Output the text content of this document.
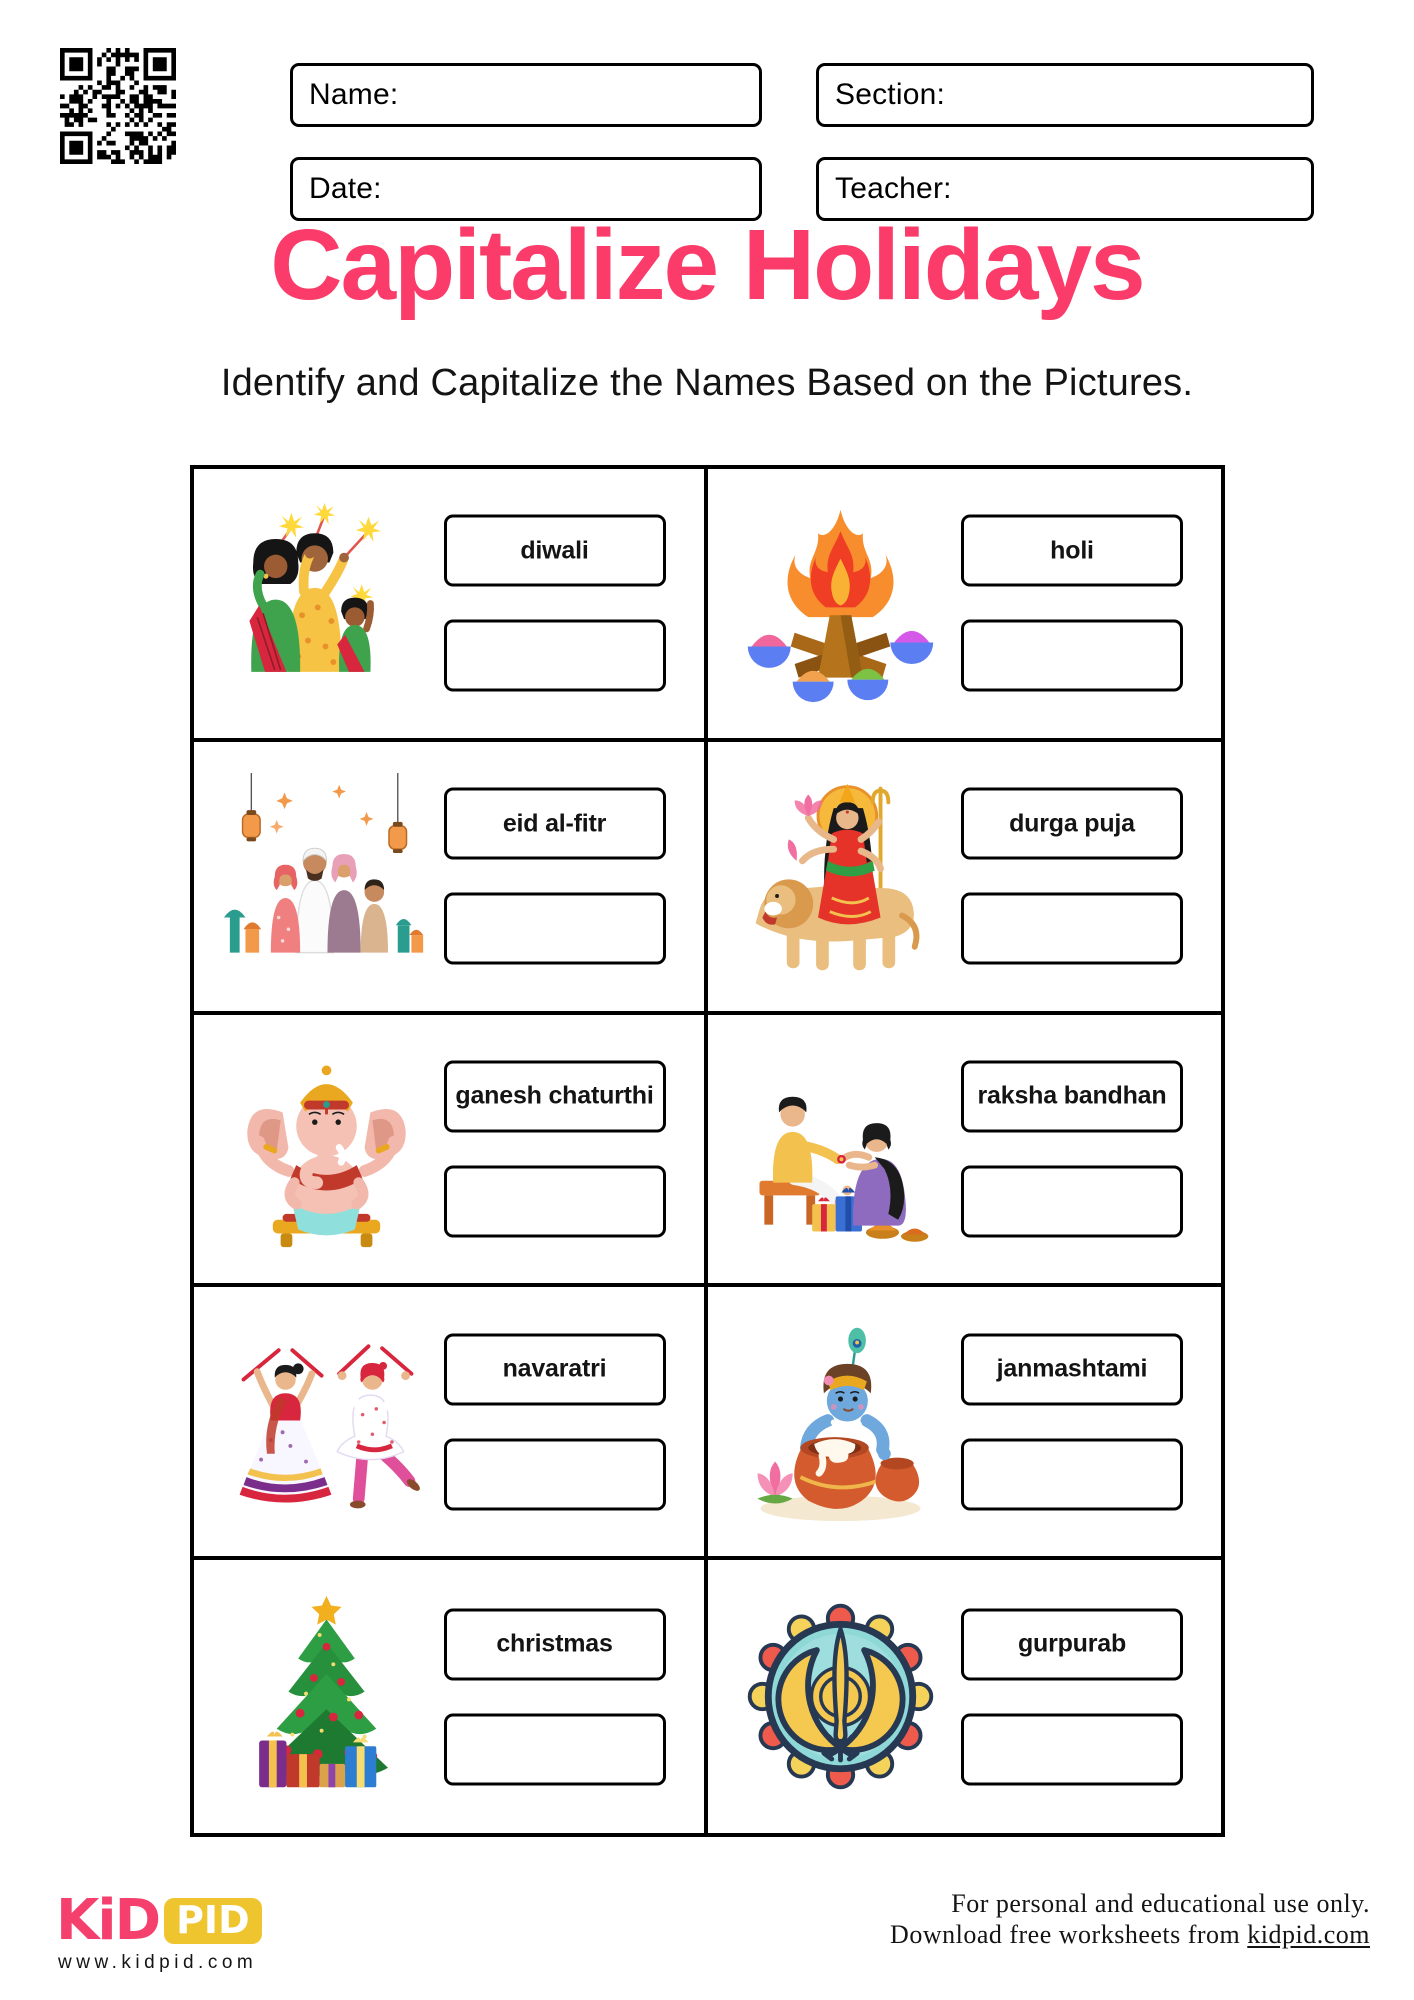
Name:	Section:
Date:	Teacher:
Capitalize Holidays

Identify and Capitalize the Names Based on the Pictures.

diwali	holi
eid al-fitr	durga puja
ganesh chaturthi	raksha bandhan
navaratri	janmashtami
christmas	gurpurab
KiD PID
www.kidpid.com
For personal and educational use only.
Download free worksheets from kidpid.com
